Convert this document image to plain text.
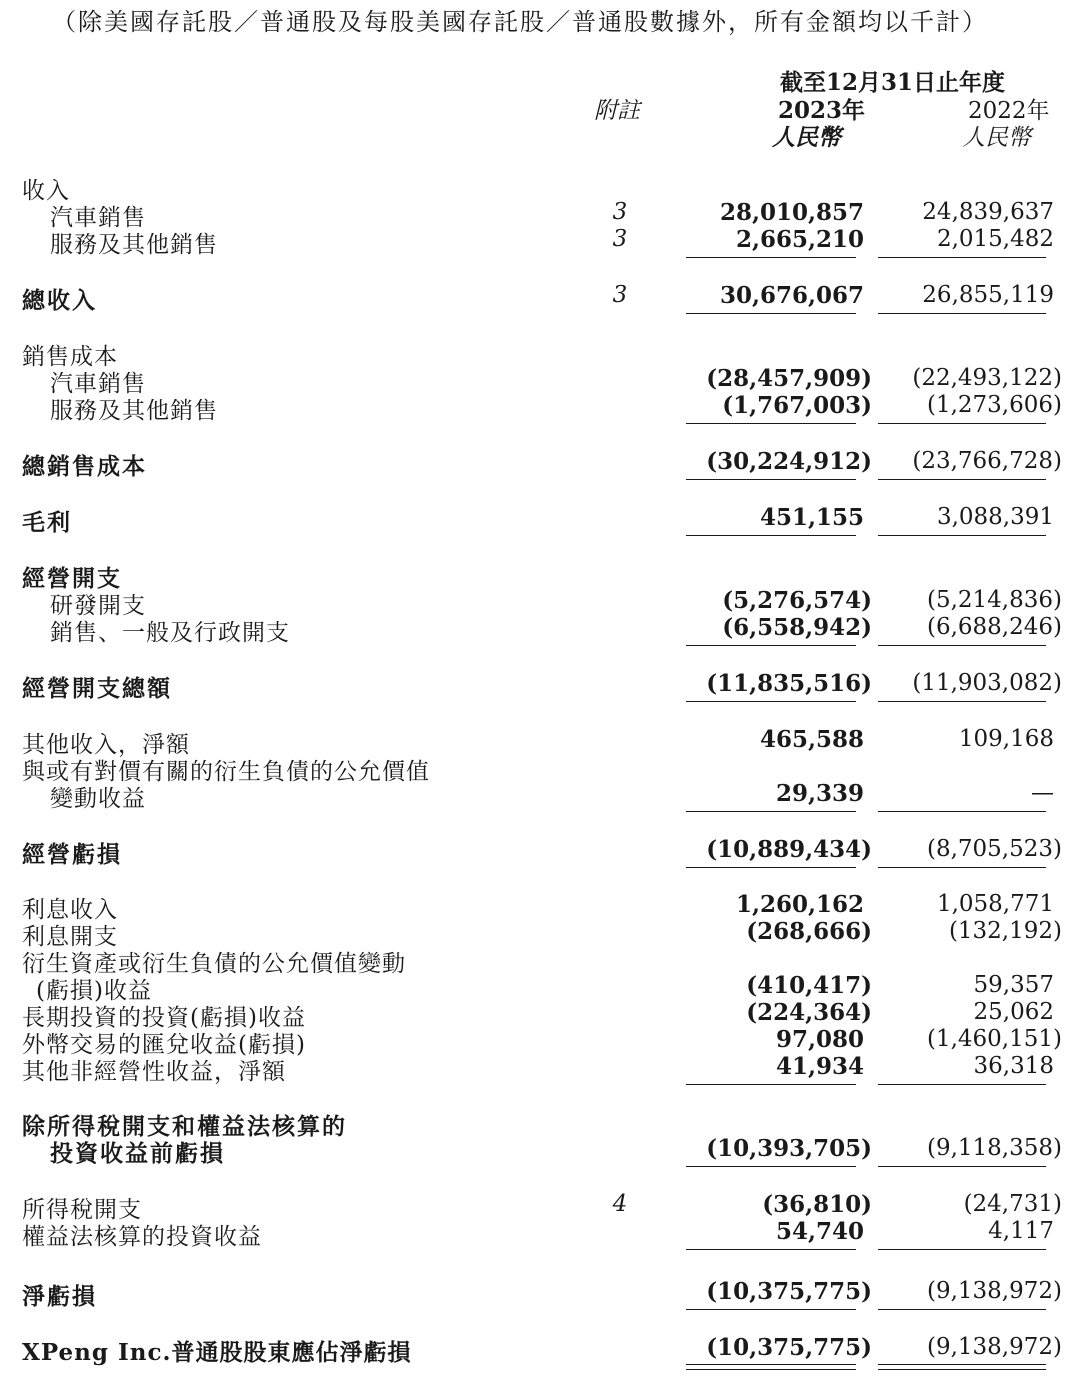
（除美國存託股／普通股及每股美國存託股／普通股數據外，所有金額均以千計）
截至12月31日止年度
附註	2023年	2022年
人民幣	人民幣
收入
汽車銷售	3	28,010,857	24,839,637
服務及其他銷售	3	2,665,210	2,015,482
總收入	3	30,676,067	26,855,119
銷售成本
汽車銷售	(28,457,909) (22,493,122)
服務及其他銷售	(1,767,003) (1,273,606)
總銷售成本	(30,224,912) (23,766,728)
毛利	451,155	3,088,391
經營開支
研發開支	(5,276,574) (5,214,836)
銷售、一般及行政開支	(6,558,942) (6,688,246)
經營開支總額	(11,835,516) (11,903,082)
其他收入，淨額	465,588	109,168
與或有對價有關的衍生負債的公允價值
變動收益	29,339	—
經營虧損	(10,889,434) (8,705,523)
利息收入	1,260,162	1,058,771
利息開支	(268,666)	(132,192)
衍生資產或衍生負債的公允價值變動
(虧損)收益	(410,417)	59,357
長期投資的投資(虧損)收益	(224,364)	25,062
外幣交易的匯兌收益(虧損)	97,080	(1,460,151)
其他非經營性收益，淨額	41,934	36,318
除所得稅開支和權益法核算的
投資收益前虧損	(10,393,705) (9,118,358)
所得稅開支	4	(36,810)	(24,731)
權益法核算的投資收益	54,740	4,117
淨虧損	(10,375,775) (9,138,972)
XPeng Inc.普通股股東應佔淨虧損	(10,375,775) (9,138,972)
